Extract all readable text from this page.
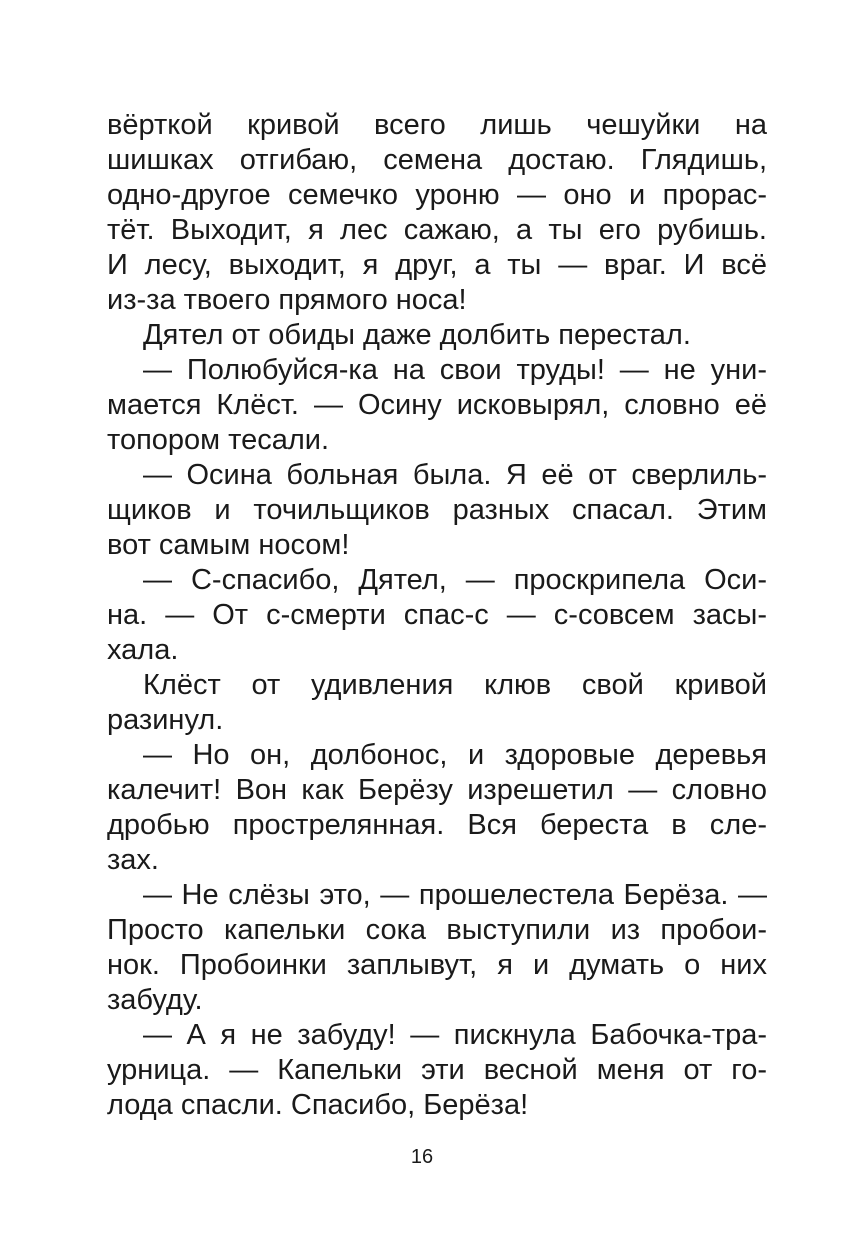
вёрткой кривой всего лишь чешуйки на
шишках отгибаю, семена достаю. Глядишь,
одно-другое семечко уроню — оно и прорас-
тёт. Выходит, я лес сажаю, а ты его рубишь.
И лесу, выходит, я друг, а ты — враг. И всё
из-за твоего прямого носа!
Дятел от обиды даже долбить перестал.
— Полюбуйся-ка на свои труды! — не уни-
мается Клёст. — Осину исковырял, словно её
топором тесали.
— Осина больная была. Я её от сверлиль-
щиков и точильщиков разных спасал. Этим
вот самым носом!
— С-спасибо, Дятел, — проскрипела Оси-
на. — От с-смерти спас-с — с-совсем засы-
хала.
Клёст от удивления клюв свой кривой
разинул.
— Но он, долбонос, и здоровые деревья
калечит! Вон как Берёзу изрешетил — словно
дробью прострелянная. Вся береста в сле-
зах.
— Не слёзы это, — прошелестела Берёза. —
Просто капельки сока выступили из пробои-
нок. Пробоинки заплывут, я и думать о них
забуду.
— А я не забуду! — пискнула Бабочка-тра-
урница. — Капельки эти весной меня от го-
лода спасли. Спасибо, Берёза!
16
